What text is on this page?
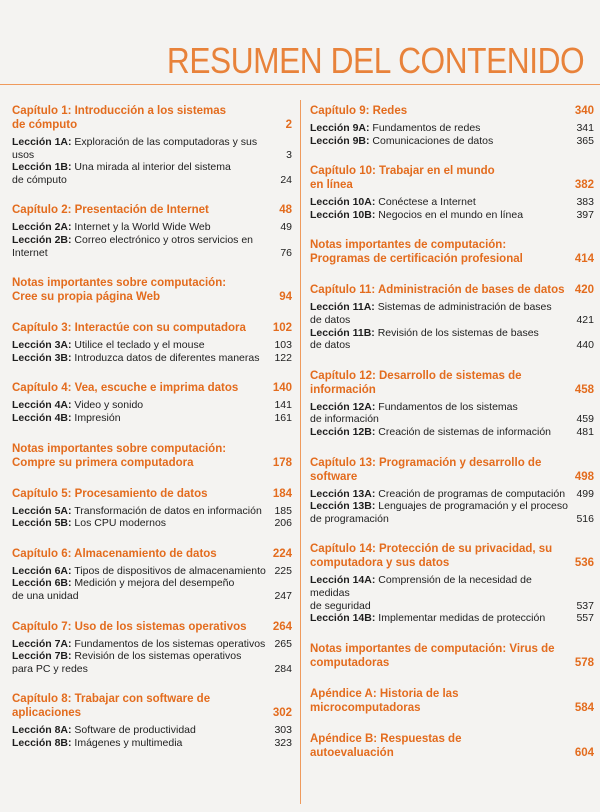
RESUMEN DEL CONTENIDO
Capítulo 1: Introducción a los sistemas
de cómputo	2
Lección 1A: Exploración de las computadoras y sus usos	3
Lección 1B: Una mirada al interior del sistema
de cómputo	24
Capítulo 2: Presentación de Internet	48
Lección 2A: Internet y la World Wide Web	49
Lección 2B: Correo electrónico y otros servicios en Internet	76
Notas importantes sobre computación:
Cree su propia página Web	94
Capítulo 3: Interactúe con su computadora	102
Lección 3A: Utilice el teclado y el mouse	103
Lección 3B: Introduzca datos de diferentes maneras	122
Capítulo 4: Vea, escuche e imprima datos	140
Lección 4A: Video y sonido	141
Lección 4B: Impresión	161
Notas importantes sobre computación:
Compre su primera computadora	178
Capítulo 5: Procesamiento de datos	184
Lección 5A: Transformación de datos en información	185
Lección 5B: Los CPU modernos	206
Capítulo 6: Almacenamiento de datos	224
Lección 6A: Tipos de dispositivos de almacenamiento 225
Lección 6B: Medición y mejora del desempeño
de una unidad	247
Capítulo 7: Uso de los sistemas operativos	264
Lección 7A: Fundamentos de los sistemas operativos 265
Lección 7B: Revisión de los sistemas operativos
para PC y redes	284
Capítulo 8: Trabajar con software de aplicaciones	302
Lección 8A: Software de productividad	303
Lección 8B: Imágenes y multimedia	323
Capítulo 9: Redes	340
Lección 9A: Fundamentos de redes	341
Lección 9B: Comunicaciones de datos	365
Capítulo 10: Trabajar en el mundo
en línea	382
Lección 10A: Conéctese a Internet	383
Lección 10B: Negocios en el mundo en línea	397
Notas importantes de computación:
Programas de certificación profesional	414
Capítulo 11: Administración de bases de datos 420
Lección 11A: Sistemas de administración de bases
de datos	421
Lección 11B: Revisión de los sistemas de bases
de datos	440
Capítulo 12: Desarrollo de sistemas de información	458
Lección 12A: Fundamentos de los sistemas
de información	459
Lección 12B: Creación de sistemas de información	481
Capítulo 13: Programación y desarrollo de software	498
Lección 13A: Creación de programas de computación	499
Lección 13B: Lenguajes de programación y el proceso
de programación	516
Capítulo 14: Protección de su privacidad, su
computadora y sus datos	536
Lección 14A: Comprensión de la necesidad de medidas
de seguridad	537
Lección 14B: Implementar medidas de protección	557
Notas importantes de computación: Virus de
computadoras	578
Apéndice A: Historia de las microcomputadoras	584
Apéndice B: Respuestas de
autoevaluación	604
